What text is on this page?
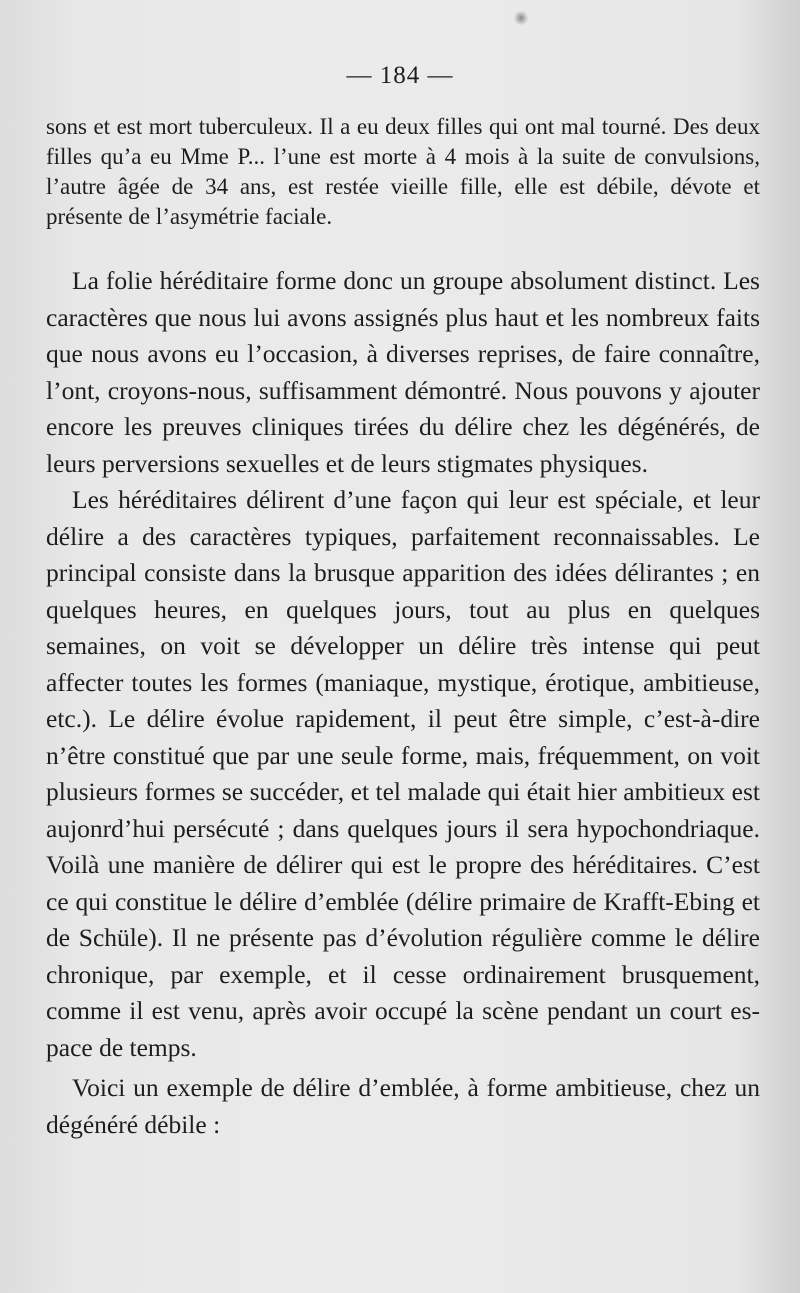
— 184 —

sons et est mort tuberculeux. Il a eu deux filles qui ont mal tourné. Des deux filles qu’a eu Mme P... l’une est morte à 4 mois à la suite de convulsions, l’autre âgée de 34 ans, est restée vieille fille, elle est débile, dévote et présente de l’asymétrie faciale.

La folie héréditaire forme donc un groupe absolument distinct. Les caractères que nous lui avons assignés plus haut et les nombreux faits que nous avons eu l’occasion, à diverses reprises, de faire connaître, l’ont, croyons-nous, suffisamment démontré. Nous pouvons y ajouter encore les preuves cliniques tirées du délire chez les dégénérés, de leurs perversions sexuelles et de leurs stigmates physiques.

Les héréditaires délirent d’une façon qui leur est spéciale, et leur délire a des caractères typiques, parfaitement reconnaissables. Le principal consiste dans la brusque apparition des idées délirantes ; en quelques heures, en quelques jours, tout au plus en quelques semaines, on voit se développer un délire très intense qui peut affecter toutes les formes (maniaque, mystique, érotique, ambitieuse, etc.). Le délire évolue rapidement, il peut être simple, c’est-à-dire n’être constitué que par une seule forme, mais, fréquemment, on voit plusieurs formes se succéder, et tel malade qui était hier ambitieux est aujonrd’hui persécuté ; dans quelques jours il sera hypochondriaque. Voilà une manière de délirer qui est le propre des héréditaires. C’est ce qui constitue le délire d’emblée (délire primaire de Krafft-Ebing et de Schüle). Il ne présente pas d’évolution régulière comme le délire chronique, par exemple, et il cesse ordinairement brusquement, comme il est venu, après avoir occupé la scène pendant un court espace de temps.

Voici un exemple de délire d’emblée, à forme ambitieuse, chez un dégénéré débile :
